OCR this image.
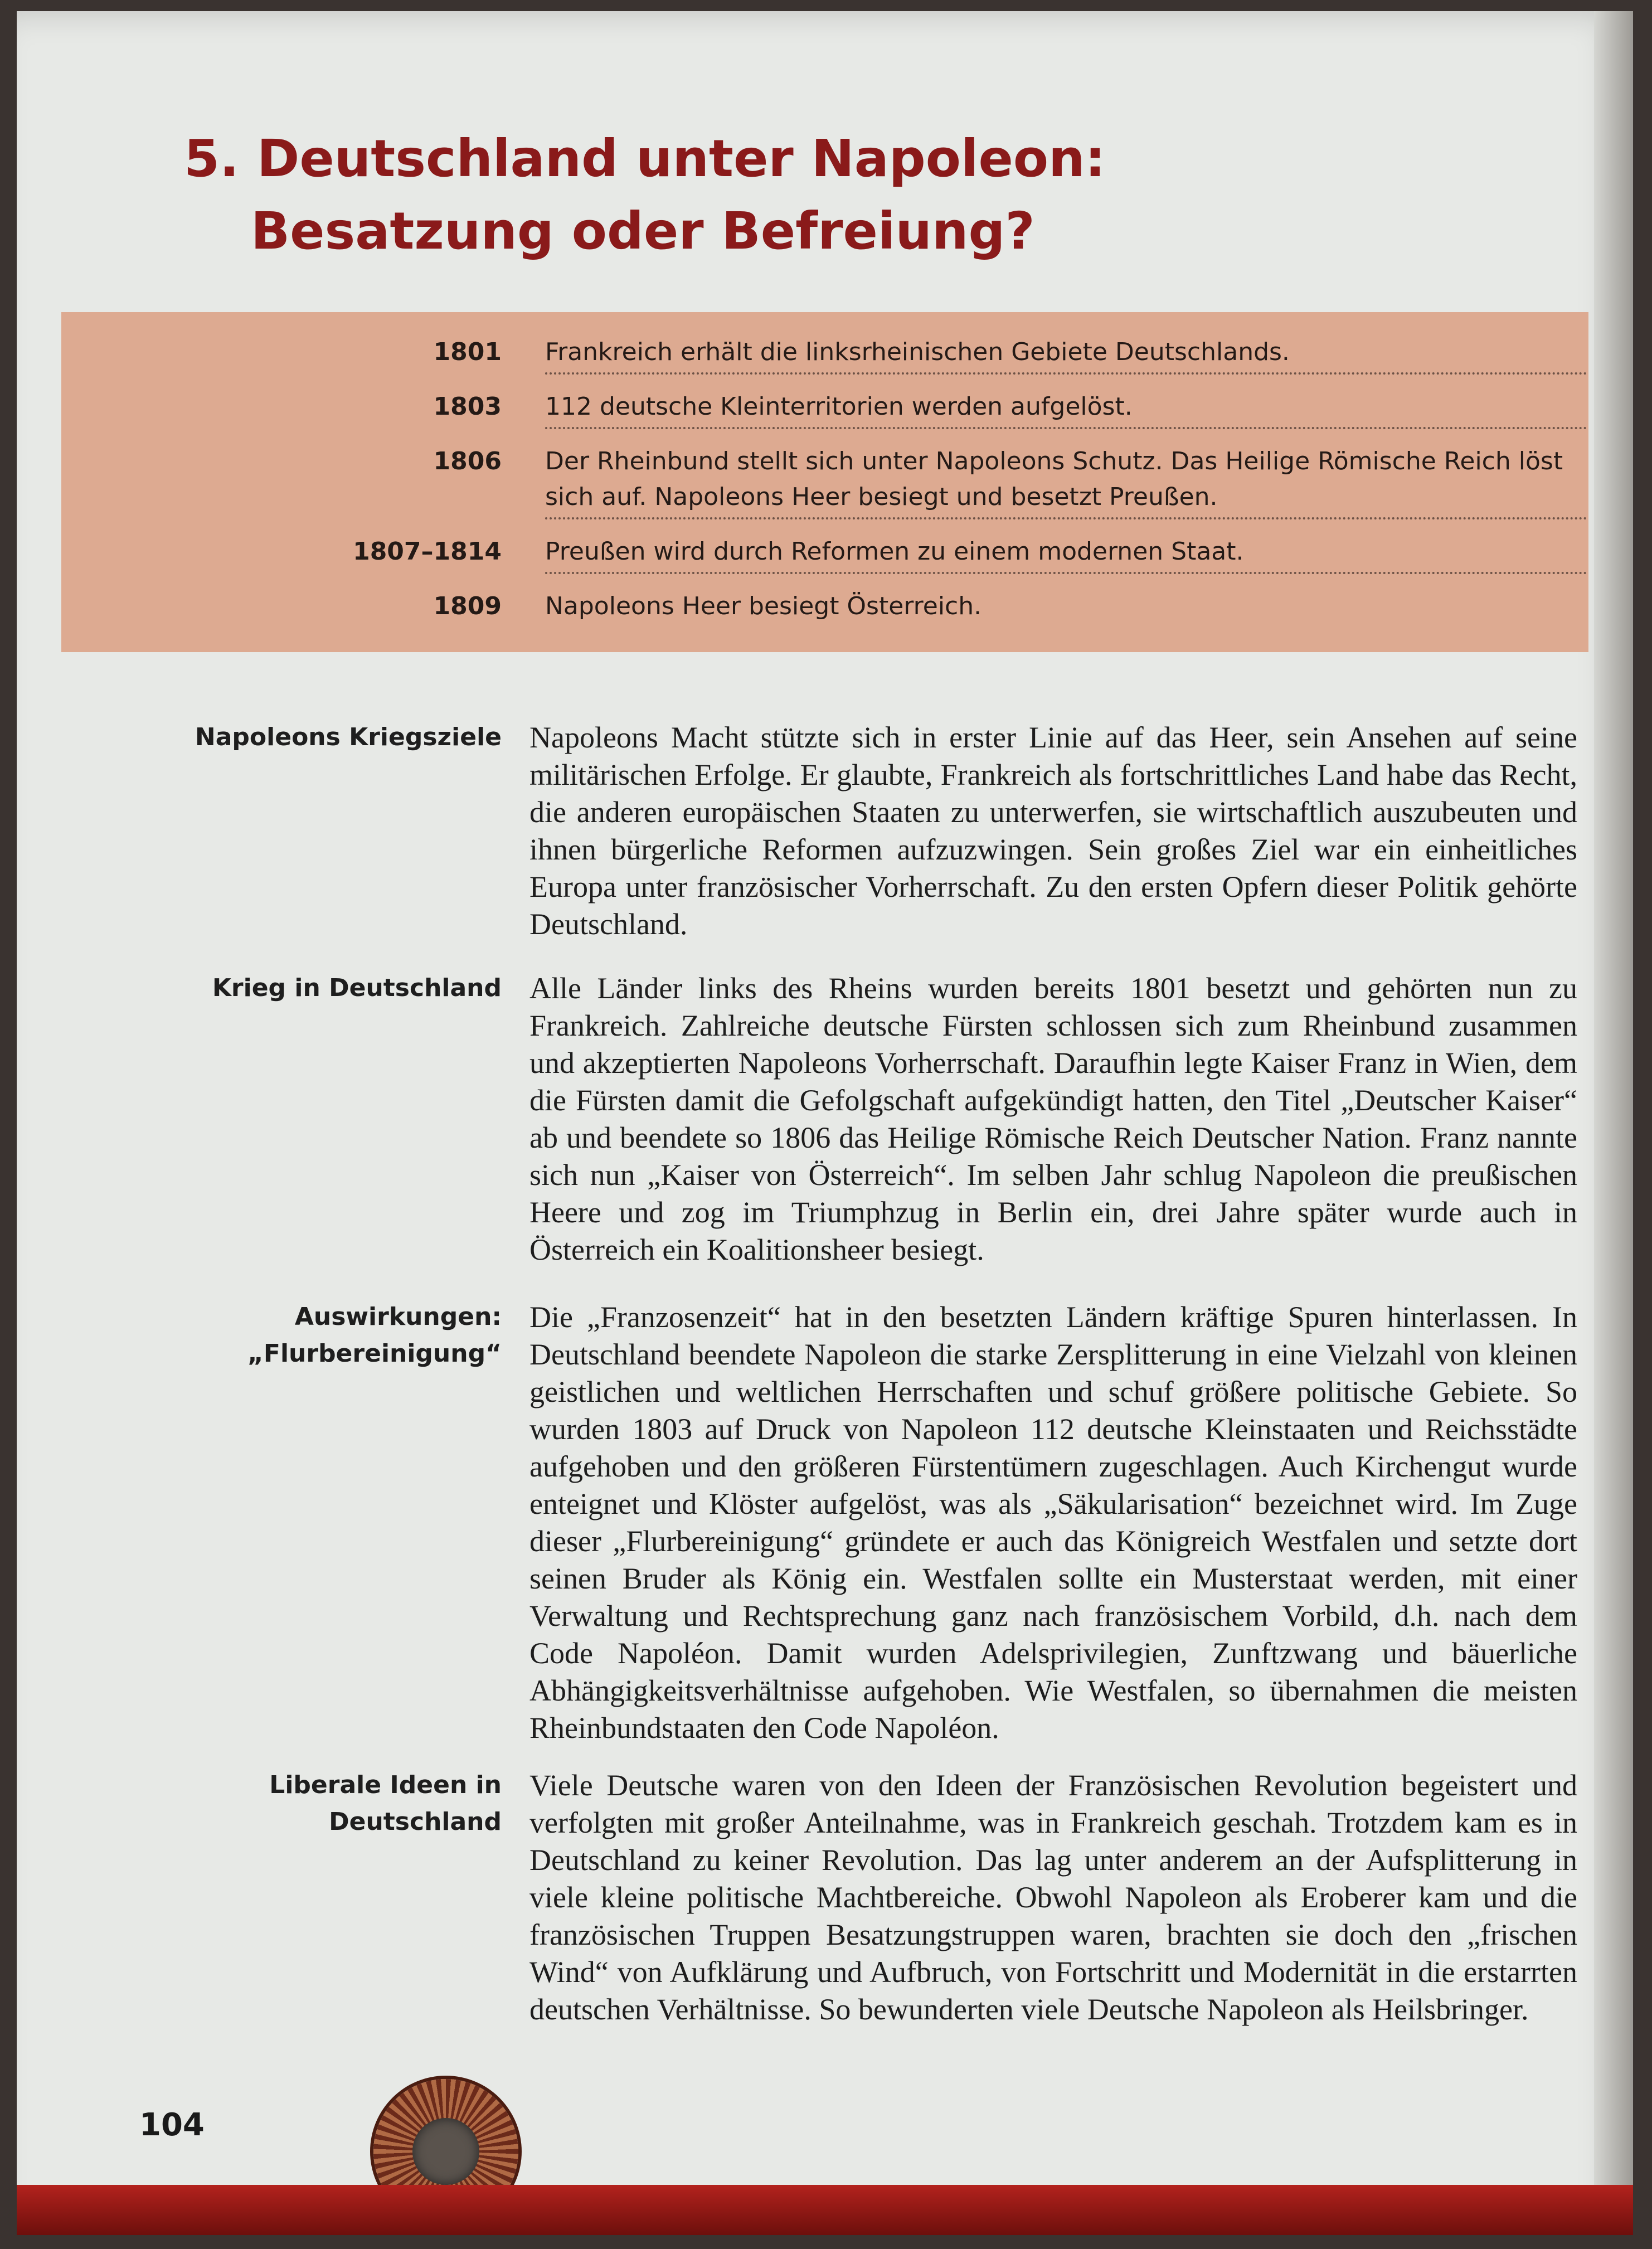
5. Deutschland unter Napoleon:
Besatzung oder Befreiung?
1801 Frankreich erhält die linksrheinischen Gebiete Deutschlands.
1803 112 deutsche Kleinterritorien werden aufgelöst.
1806 Der Rheinbund stellt sich unter Napoleons Schutz. Das Heilige Römische Reich löst sich auf. Napoleons Heer besiegt und besetzt Preußen.
1807–1814 Preußen wird durch Reformen zu einem modernen Staat.
1809 Napoleons Heer besiegt Österreich.
Napoleons Kriegsziele Napoleons Macht stützte sich in erster Linie auf das Heer, sein Ansehen auf seine militärischen Erfolge. Er glaubte, Frankreich als fortschrittliches Land habe das Recht, die anderen europäischen Staaten zu unterwerfen, sie wirtschaftlich auszubeuten und ihnen bürgerliche Reformen aufzuzwingen. Sein großes Ziel war ein einheitliches Europa unter französischer Vorherrschaft. Zu den ersten Opfern dieser Politik gehörte Deutschland.
Krieg in Deutschland Alle Länder links des Rheins wurden bereits 1801 besetzt und gehörten nun zu Frankreich. Zahlreiche deutsche Fürsten schlossen sich zum Rheinbund zusammen und akzeptierten Napoleons Vorherrschaft. Daraufhin legte Kaiser Franz in Wien, dem die Fürsten damit die Gefolgschaft aufgekündigt hatten, den Titel „Deutscher Kaiser“ ab und beendete so 1806 das Heilige Römische Reich Deutscher Nation. Franz nannte sich nun „Kaiser von Österreich“. Im selben Jahr schlug Napoleon die preußischen Heere und zog im Triumphzug in Berlin ein, drei Jahre später wurde auch in Österreich ein Koalitionsheer besiegt.
Auswirkungen: „Flurbereinigung“
Die „Franzosenzeit“ hat in den besetzten Ländern kräftige Spuren hinterlassen. In Deutschland beendete Napoleon die starke Zersplitterung in eine Vielzahl von kleinen geistlichen und weltlichen Herrschaften und schuf größere politische Gebiete. So wurden 1803 auf Druck von Napoleon 112 deutsche Kleinstaaten und Reichsstädte aufgehoben und den größeren Fürstentümern zugeschlagen. Auch Kirchengut wurde enteignet und Klöster aufgelöst, was als „Säkularisation“ bezeichnet wird. Im Zuge dieser „Flurbereinigung“ gründete er auch das Königreich Westfalen und setzte dort seinen Bruder als König ein. Westfalen sollte ein Musterstaat werden, mit einer Verwaltung und Rechtsprechung ganz nach französischem Vorbild, d.h. nach dem Code Napoléon. Damit wurden Adelsprivilegien, Zunftzwang und bäuerliche Abhängigkeitsverhältnisse aufgehoben. Wie Westfalen, so übernahmen die meisten Rheinbundstaaten den Code Napoléon.
Liberale Ideen in Deutschland
Viele Deutsche waren von den Ideen der Französischen Revolution begeistert und verfolgten mit großer Anteilnahme, was in Frankreich geschah. Trotzdem kam es in Deutschland zu keiner Revolution. Das lag unter anderem an der Aufsplitterung in viele kleine politische Machtbereiche. Obwohl Napoleon als Eroberer kam und die französischen Truppen Besatzungstruppen waren, brachten sie doch den „frischen Wind“ von Aufklärung und Aufbruch, von Fortschritt und Modernität in die erstarrten deutschen Verhältnisse. So bewunderten viele Deutsche Napoleon als Heilsbringer.
104
